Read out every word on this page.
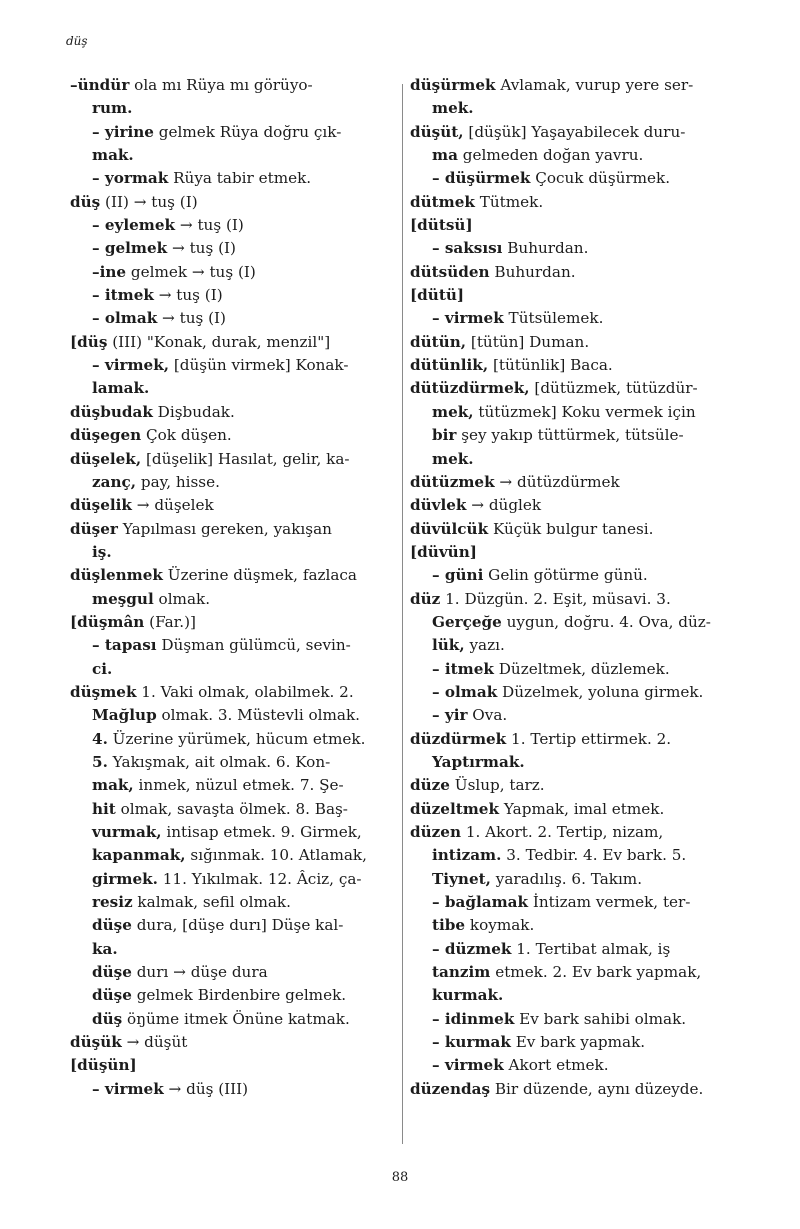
düş
–ündür ola mı Rüya mı görüyo-
rum.
– yirine gelmek Rüya doğru çık-
mak.
– yormak Rüya tabir etmek.
düş (II) → tuş (I)
– eylemek → tuş (I)
– gelmek → tuş (I)
–ine gelmek → tuş (I)
– itmek → tuş (I)
– olmak → tuş (I)
[düş (III) "Konak, durak, menzil"]
– virmek, [düşün virmek] Konak-
lamak.
düşbudak Dişbudak.
düşegen Çok düşen.
düşelek, [düşelik] Hasılat, gelir, ka-
zanç, pay, hisse.
düşelik → düşelek
düşer Yapılması gereken, yakışan
iş.
düşlenmek Üzerine düşmek, fazlaca
meşgul olmak.
[düşmân (Far.)]
– tapası Düşman gülümcü, sevin-
ci.
düşmek 1. Vaki olmak, olabilmek. 2.
Mağlup olmak. 3. Müstevli olmak.
4. Üzerine yürümek, hücum etmek.
5. Yakışmak, ait olmak. 6. Kon-
mak, inmek, nüzul etmek. 7. Şe-
hit olmak, savaşta ölmek. 8. Baş-
vurmak, intisap etmek. 9. Girmek,
kapanmak, sığınmak. 10. Atlamak,
girmek. 11. Yıkılmak. 12. Âciz, ça-
resiz kalmak, sefil olmak.
düşe dura, [düşe durı] Düşe kal-
ka.
düşe durı → düşe dura
düşe gelmek Birdenbire gelmek.
düş öŋüme itmek Önüne katmak.
düşük → düşüt
[düşün]
– virmek → düş (III)
düşürmek Avlamak, vurup yere ser-
mek.
düşüt, [düşük] Yaşayabilecek duru-
ma gelmeden doğan yavru.
– düşürmek Çocuk düşürmek.
dütmek Tütmek.
[dütsü]
– saksısı Buhurdan.
dütsüden Buhurdan.
[dütü]
– virmek Tütsülemek.
dütün, [tütün] Duman.
dütünlik, [tütünlik] Baca.
dütüzdürmek, [dütüzmek, tütüzdür-
mek, tütüzmek] Koku vermek için
bir şey yakıp tüttürmek, tütsüle-
mek.
dütüzmek → dütüzdürmek
düvlek → düglek
düvülcük Küçük bulgur tanesi.
[düvün]
– güni Gelin götürme günü.
düz 1. Düzgün. 2. Eşit, müsavi. 3.
Gerçeğe uygun, doğru. 4. Ova, düz-
lük, yazı.
– itmek Düzeltmek, düzlemek.
– olmak Düzelmek, yoluna girmek.
– yir Ova.
düzdürmek 1. Tertip ettirmek. 2.
Yaptırmak.
düze Üslup, tarz.
düzeltmek Yapmak, imal etmek.
düzen 1. Akort. 2. Tertip, nizam,
intizam. 3. Tedbir. 4. Ev bark. 5.
Tiynet, yaradılış. 6. Takım.
– bağlamak İntizam vermek, ter-
tibe koymak.
– düzmek 1. Tertibat almak, iş
tanzim etmek. 2. Ev bark yapmak,
kurmak.
– idinmek Ev bark sahibi olmak.
– kurmak Ev bark yapmak.
– virmek Akort etmek.
düzendaş Bir düzende, aynı düzeyde.
88
